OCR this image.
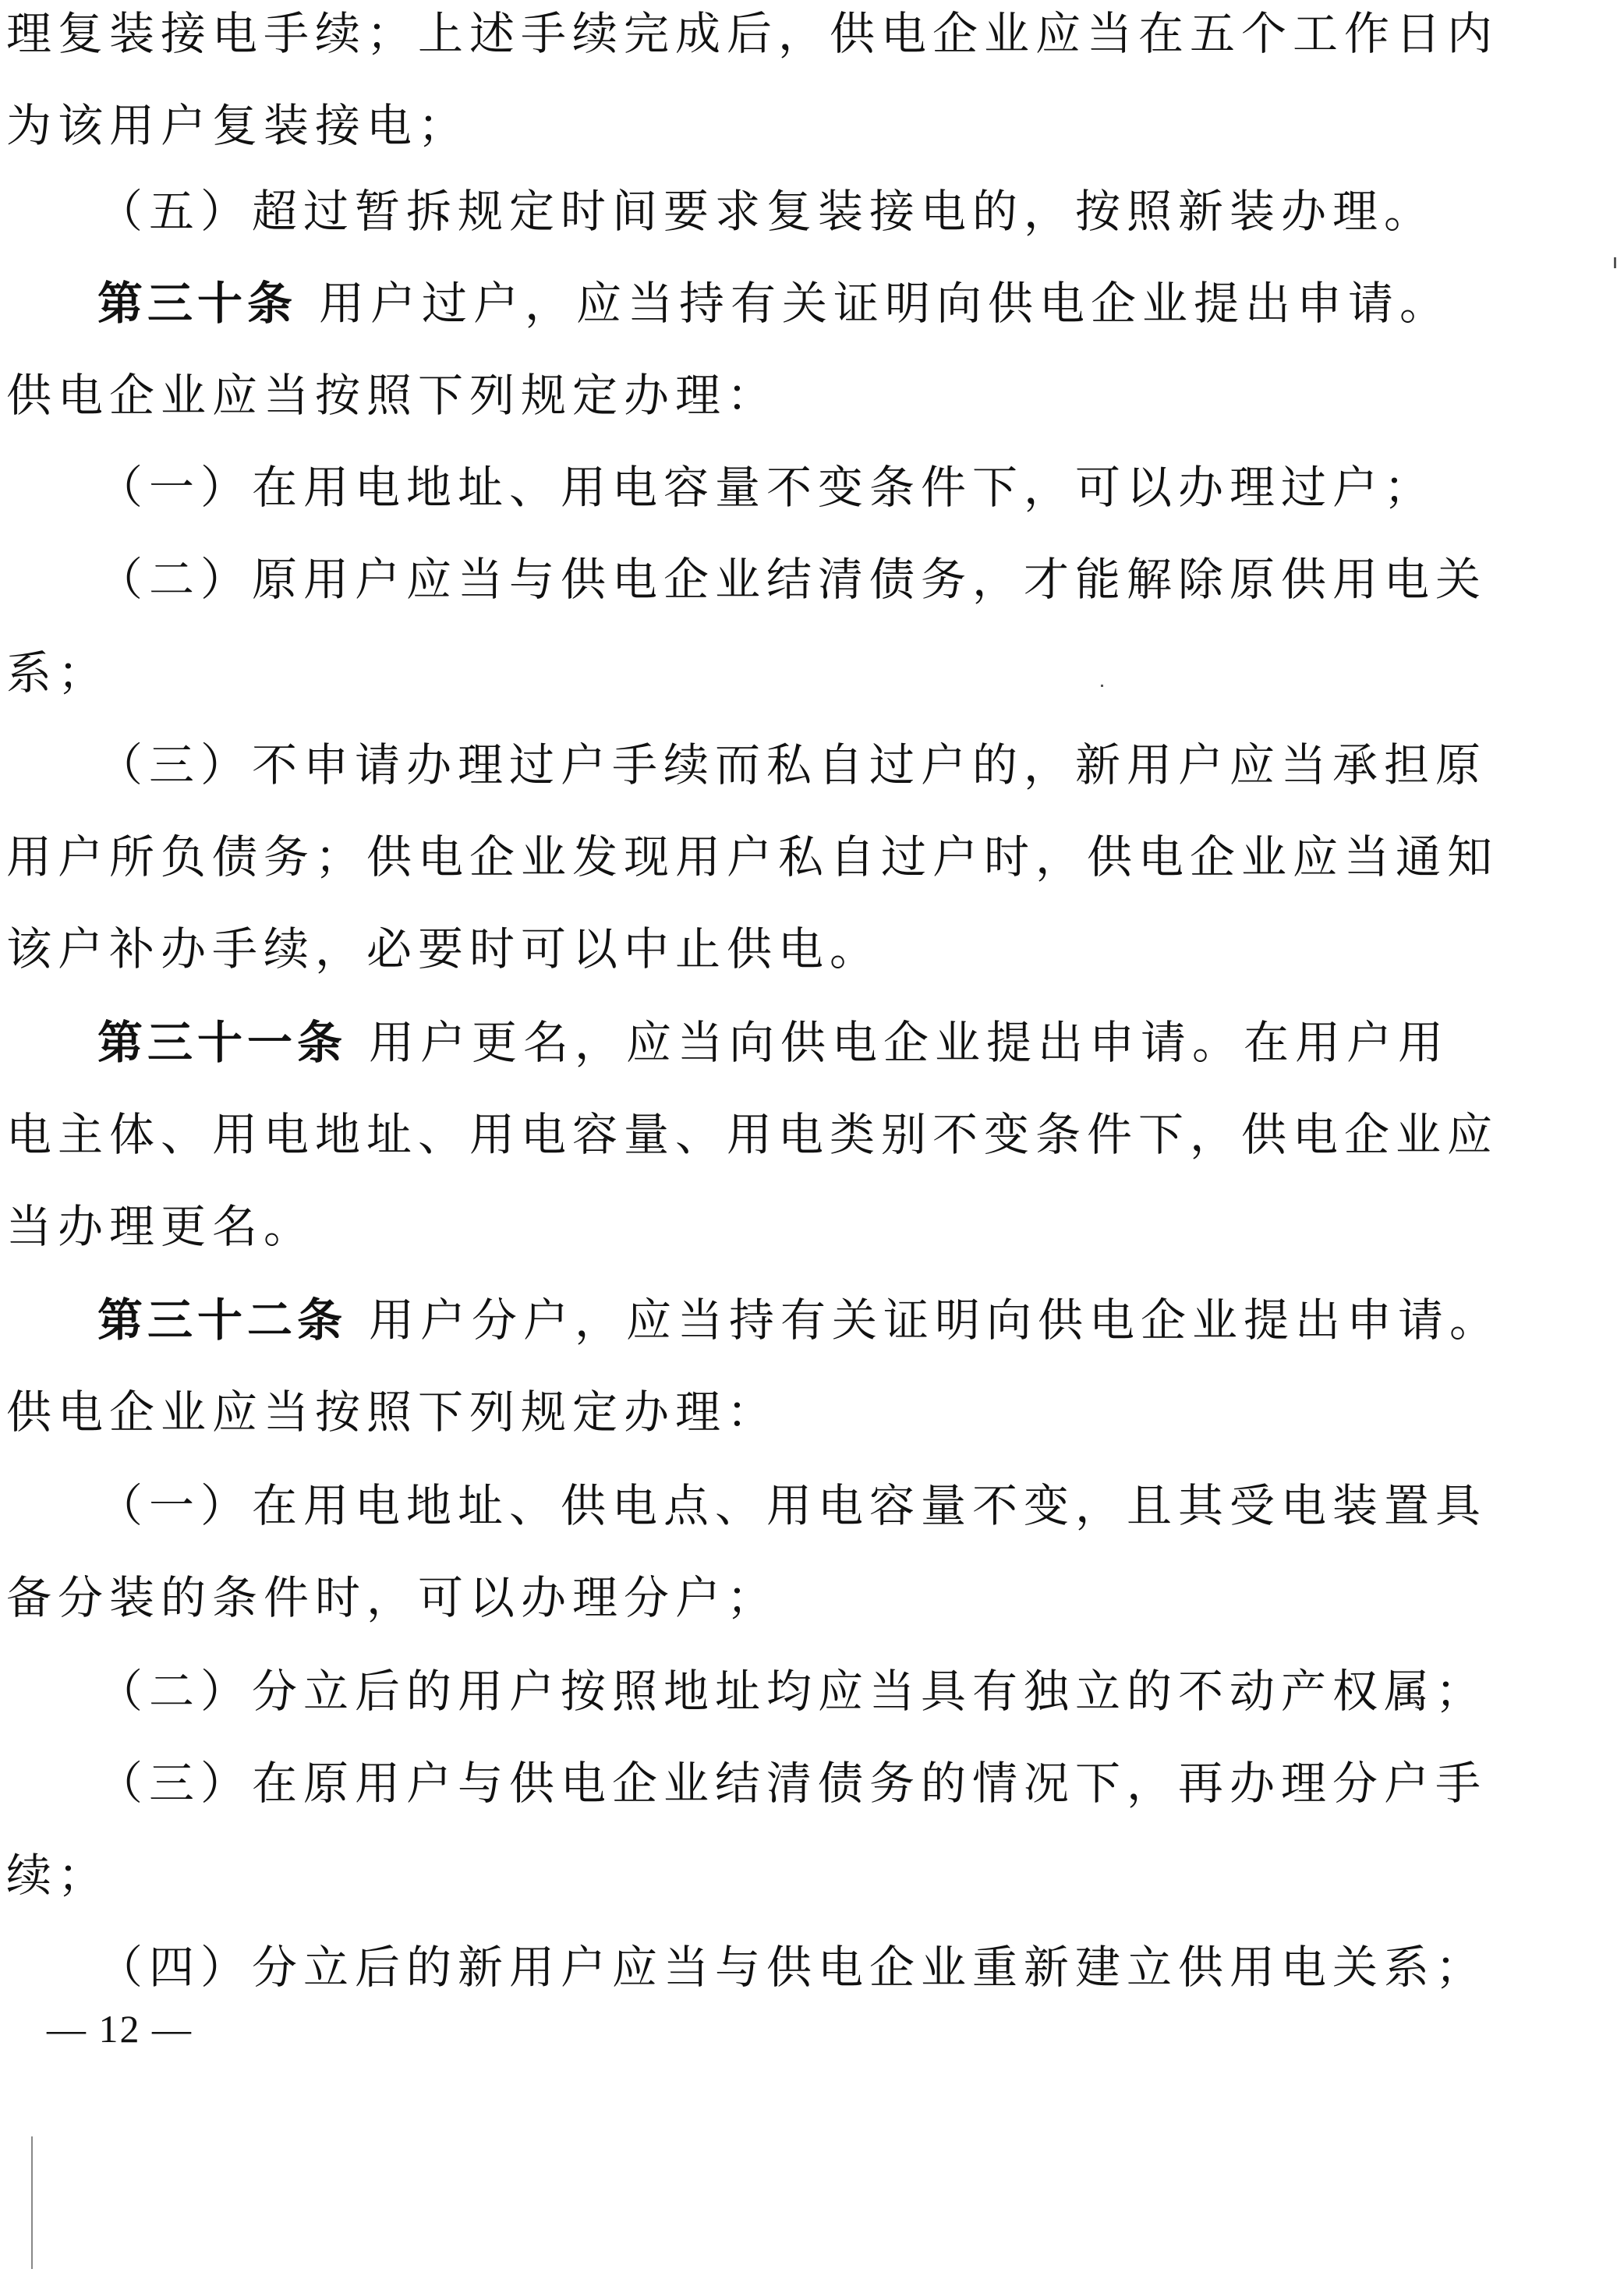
理复装接电手续；上述手续完成后，供电企业应当在五个工作日内
为该用户复装接电；
（五）超过暂拆规定时间要求复装接电的，按照新装办理。
第三十条 用户过户，应当持有关证明向供电企业提出申请。
供电企业应当按照下列规定办理：
（一）在用电地址、用电容量不变条件下，可以办理过户；
（二）原用户应当与供电企业结清债务，才能解除原供用电关
系；
（三）不申请办理过户手续而私自过户的，新用户应当承担原
用户所负债务；供电企业发现用户私自过户时，供电企业应当通知
该户补办手续，必要时可以中止供电。
第三十一条 用户更名，应当向供电企业提出申请。在用户用
电主体、用电地址、用电容量、用电类别不变条件下，供电企业应
当办理更名。
第三十二条 用户分户，应当持有关证明向供电企业提出申请。
供电企业应当按照下列规定办理：
（一）在用电地址、供电点、用电容量不变，且其受电装置具
备分装的条件时，可以办理分户；
（二）分立后的用户按照地址均应当具有独立的不动产权属；
（三）在原用户与供电企业结清债务的情况下，再办理分户手
续；
（四）分立后的新用户应当与供电企业重新建立供用电关系；
— 12 —
